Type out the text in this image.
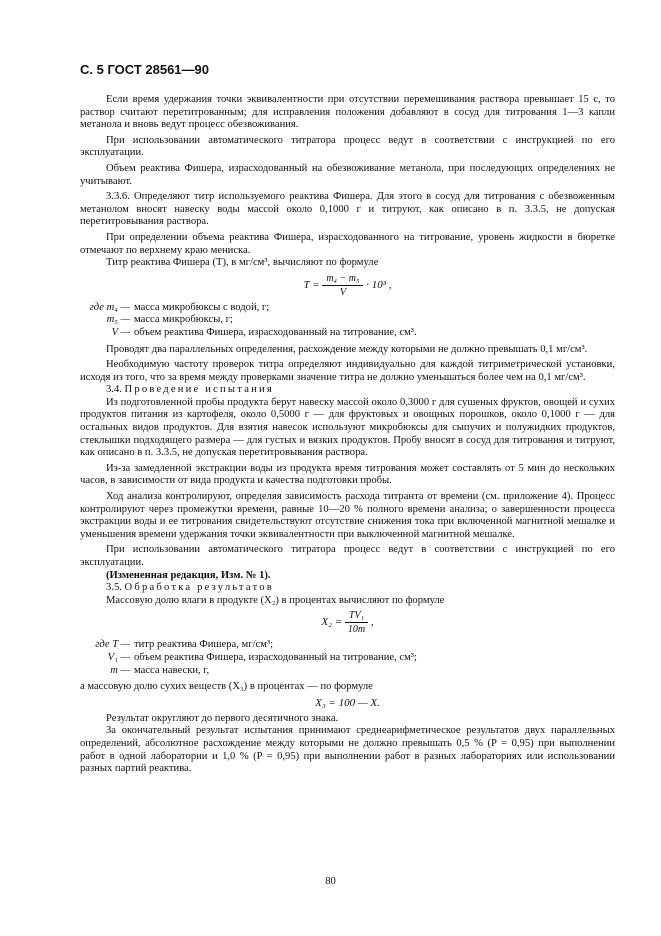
С. 5 ГОСТ 28561—90

Если время удержания точки эквивалентности при отсутствии перемешивания раствора превышает 15 с, то раствор считают перетитрованным; для исправления положения добавляют в сосуд для титрования 1—3 капли метанола и вновь ведут процесс обезвоживания.

При использовании автоматического титратора процесс ведут в соответствии с инструкцией по его эксплуатации.

Объем реактива Фишера, израсходованный на обезвоживание метанола, при последующих определениях не учитывают.

3.3.6. Определяют титр используемого реактива Фишера. Для этого в сосуд для титрования с обезвоженным метанолом вносят навеску воды массой около 0,1000 г и титруют, как описано в п. 3.3.5, не допуская перетитровывания раствора.

При определении объема реактива Фишера, израсходованного на титрование, уровень жидкости в бюретке отмечают по верхнему краю мениска.

Титр реактива Фишера (T), в мг/см³, вычисляют по формуле

$T = \frac{\text{m₄ − m₅}}{V} \cdot 10^3$ ,
где m₄ — масса микробюксы с водой, г;
m₅ — масса микробюксы, г;
V — объем реактива Фишера, израсходованный на титрование, см³.

Проводят два параллельных определения, расхождение между которыми не должно превышать 0,1 мг/см³.

Необходимую частоту проверок титра определяют индивидуально для каждой титриметрической установки, исходя из того, что за время между проверками значение титра не должно уменьшаться более чем на 0,1 мг/см³.

3.4. Проведение испытания

Из подготовленной пробы продукта берут навеску массой около 0,3000 г для сушеных фруктов, овощей и сухих продуктов питания из картофеля, около 0,5000 г — для фруктовых и овощных порошков, около 0,1000 г — для остальных видов продуктов. Для взятия навесок используют микробюксы для сыпучих и полужидких продуктов, стеклышки подходящего размера — для густых и вязких продуктов. Пробу вносят в сосуд для титрования и титруют, как описано в п. 3.3.5, не допуская перетитровывания раствора.

Из-за замедленной экстракции воды из продукта время титрования может составлять от 5 мин до нескольких часов, в зависимости от вида продукта и качества подготовки пробы.

Ход анализа контролируют, определяя зависимость расхода титранта от времени (см. приложение 4). Процесс контролируют через промежутки времени, равные 10—20 % полного времени анализа; о завершенности процесса экстракции воды и ее титрования свидетельствуют отсутствие снижения тока при включенной магнитной мешалке и уменьшения времени удержания точки эквивалентности при выключенной магнитной мешалке.

При использовании автоматического титратора процесс ведут в соответствии с инструкцией по его эксплуатации.

(Измененная редакция, Изм. № 1).

3.5. Обработка результатов

Массовую долю влаги в продукте (X₂) в процентах вычисляют по формуле

$X_2 = \frac{\text{TV₁}}{10m}$ ,
где T — титр реактива Фишера, мг/см³;
V₁ — объем реактива Фишера, израсходованный на титрование, см³;
m — масса навески, г,

а массовую долю сухих веществ (X₃) в процентах — по формуле

X₃ = 100 — X.

Результат округляют до первого десятичного знака.

За окончательный результат испытания принимают среднеарифметическое результатов двух параллельных определений, абсолютное расхождение между которыми не должно превышать 0,5 % (P = 0,95) при выполнении работ в одной лаборатории и 1,0 % (P = 0,95) при выполнении работ в разных лабораториях или использовании разных партий реактива.

80
